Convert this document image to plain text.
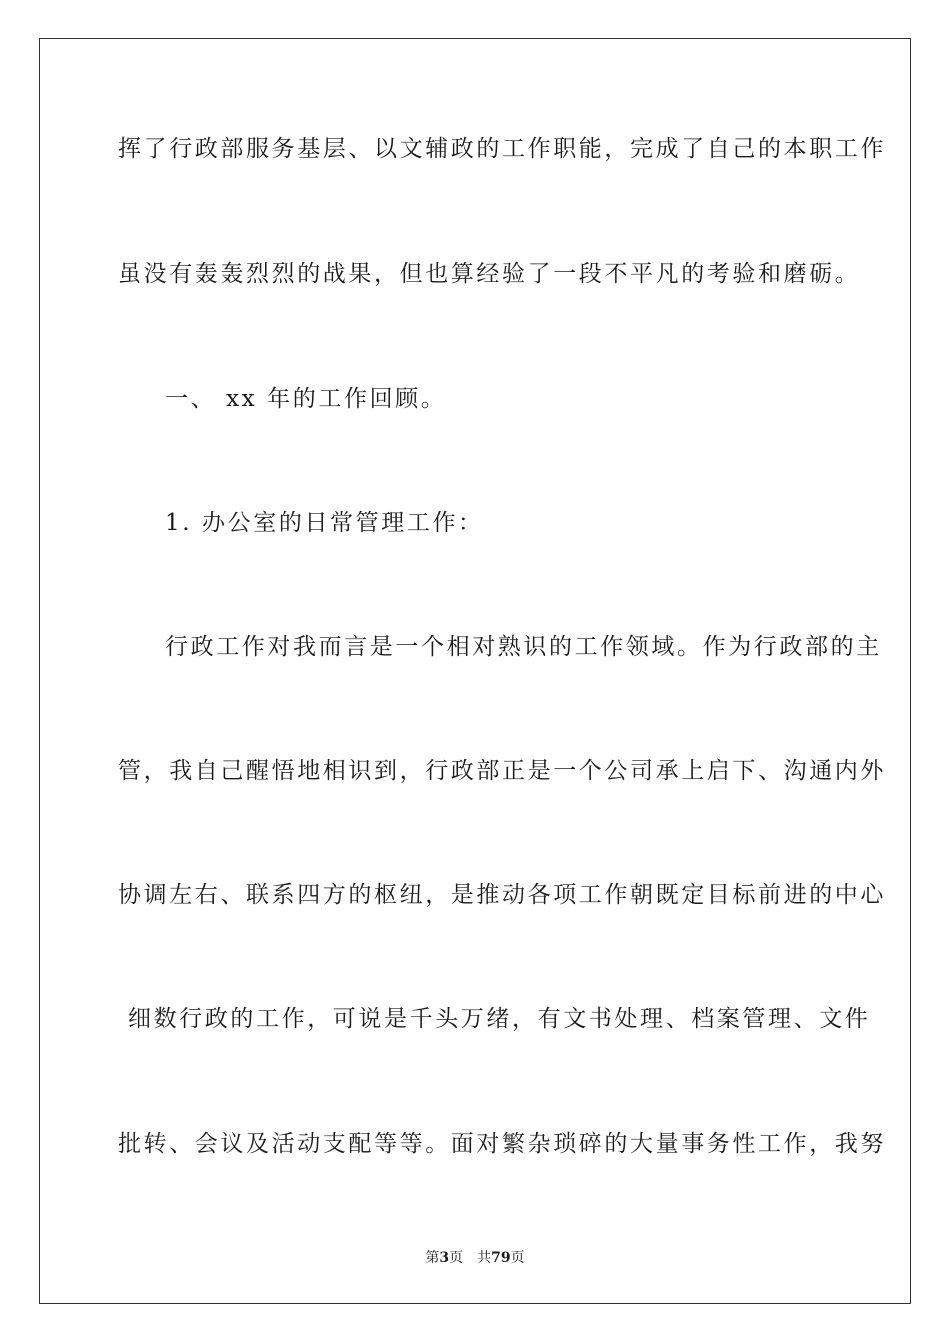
挥了行政部服务基层、以文辅政的工作职能，完成了自己的本职工作
虽没有轰轰烈烈的战果，但也算经验了一段不平凡的考验和磨砺。
一、 xx 年的工作回顾。
1. 办公室的日常管理工作：
行政工作对我而言是一个相对熟识的工作领域。作为行政部的主
管，我自己醒悟地相识到，行政部正是一个公司承上启下、沟通内外
协调左右、联系四方的枢纽，是推动各项工作朝既定目标前进的中心
细数行政的工作，可说是千头万绪，有文书处理、档案管理、文件
批转、会议及活动支配等等。面对繁杂琐碎的大量事务性工作，我努
第3页 共79页
